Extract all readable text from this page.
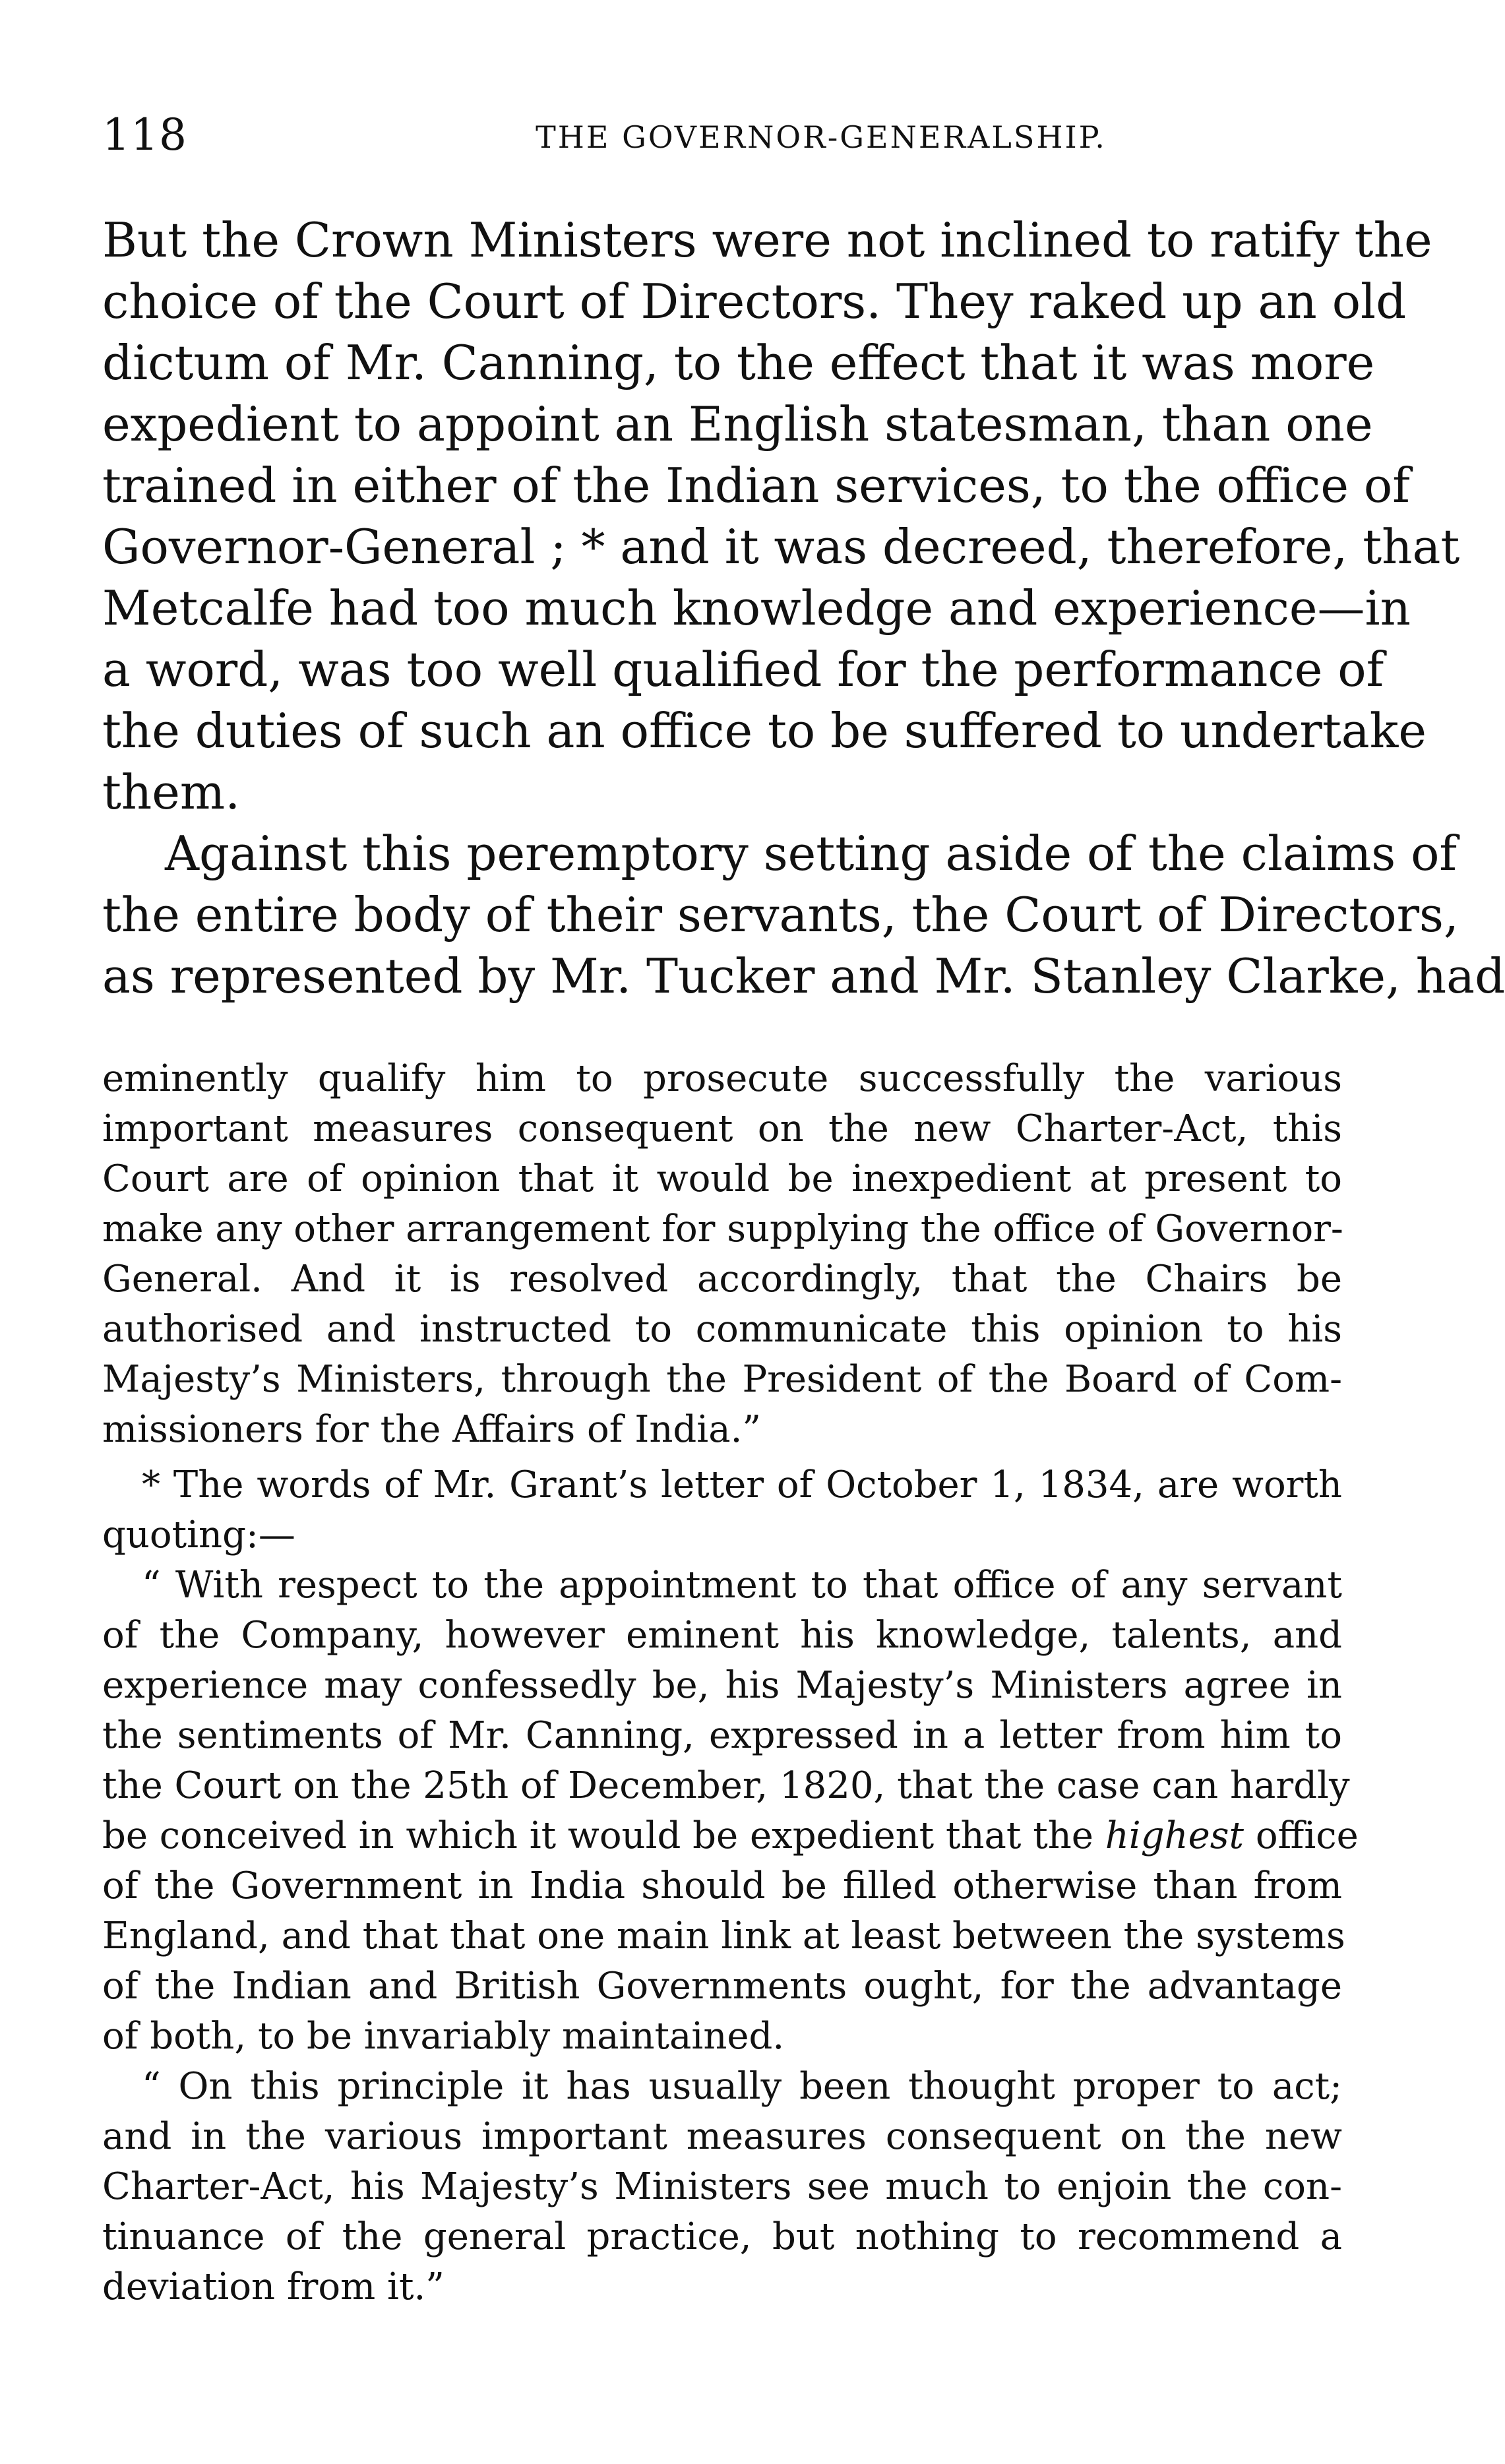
118	THE GOVERNOR-GENERALSHIP.
But the Crown Ministers were not inclined to ratify the
choice of the Court of Directors. They raked up an old
dictum of Mr. Canning, to the effect that it was more
expedient to appoint an English statesman, than one
trained in either of the Indian services, to the office of
Governor-General ; * and it was decreed, therefore, that
Metcalfe had too much knowledge and experience—in
a word, was too well qualified for the performance of
the duties of such an office to be suffered to undertake
them.
Against this peremptory setting aside of the claims of
the entire body of their servants, the Court of Directors,
as represented by Mr. Tucker and Mr. Stanley Clarke, had
eminently qualify him to prosecute successfully the various
important measures consequent on the new Charter-Act, this
Court are of opinion that it would be inexpedient at present to
make any other arrangement for supplying the office of Governor-
General. And it is resolved accordingly, that the Chairs be
authorised and instructed to communicate this opinion to his
Majesty’s Ministers, through the President of the Board of Com-
missioners for the Affairs of India.”
* The words of Mr. Grant’s letter of October 1, 1834, are worth
quoting:—
“ With respect to the appointment to that office of any servant
of the Company, however eminent his knowledge, talents, and
experience may confessedly be, his Majesty’s Ministers agree in
the sentiments of Mr. Canning, expressed in a letter from him to
the Court on the 25th of December, 1820, that the case can hardly
be conceived in which it would be expedient that the highest office
of the Government in India should be filled otherwise than from
England, and that that one main link at least between the systems
of the Indian and British Governments ought, for the advantage
of both, to be invariably maintained.
“ On this principle it has usually been thought proper to act;
and in the various important measures consequent on the new
Charter-Act, his Majesty’s Ministers see much to enjoin the con-
tinuance of the general practice, but nothing to recommend a
deviation from it.”
